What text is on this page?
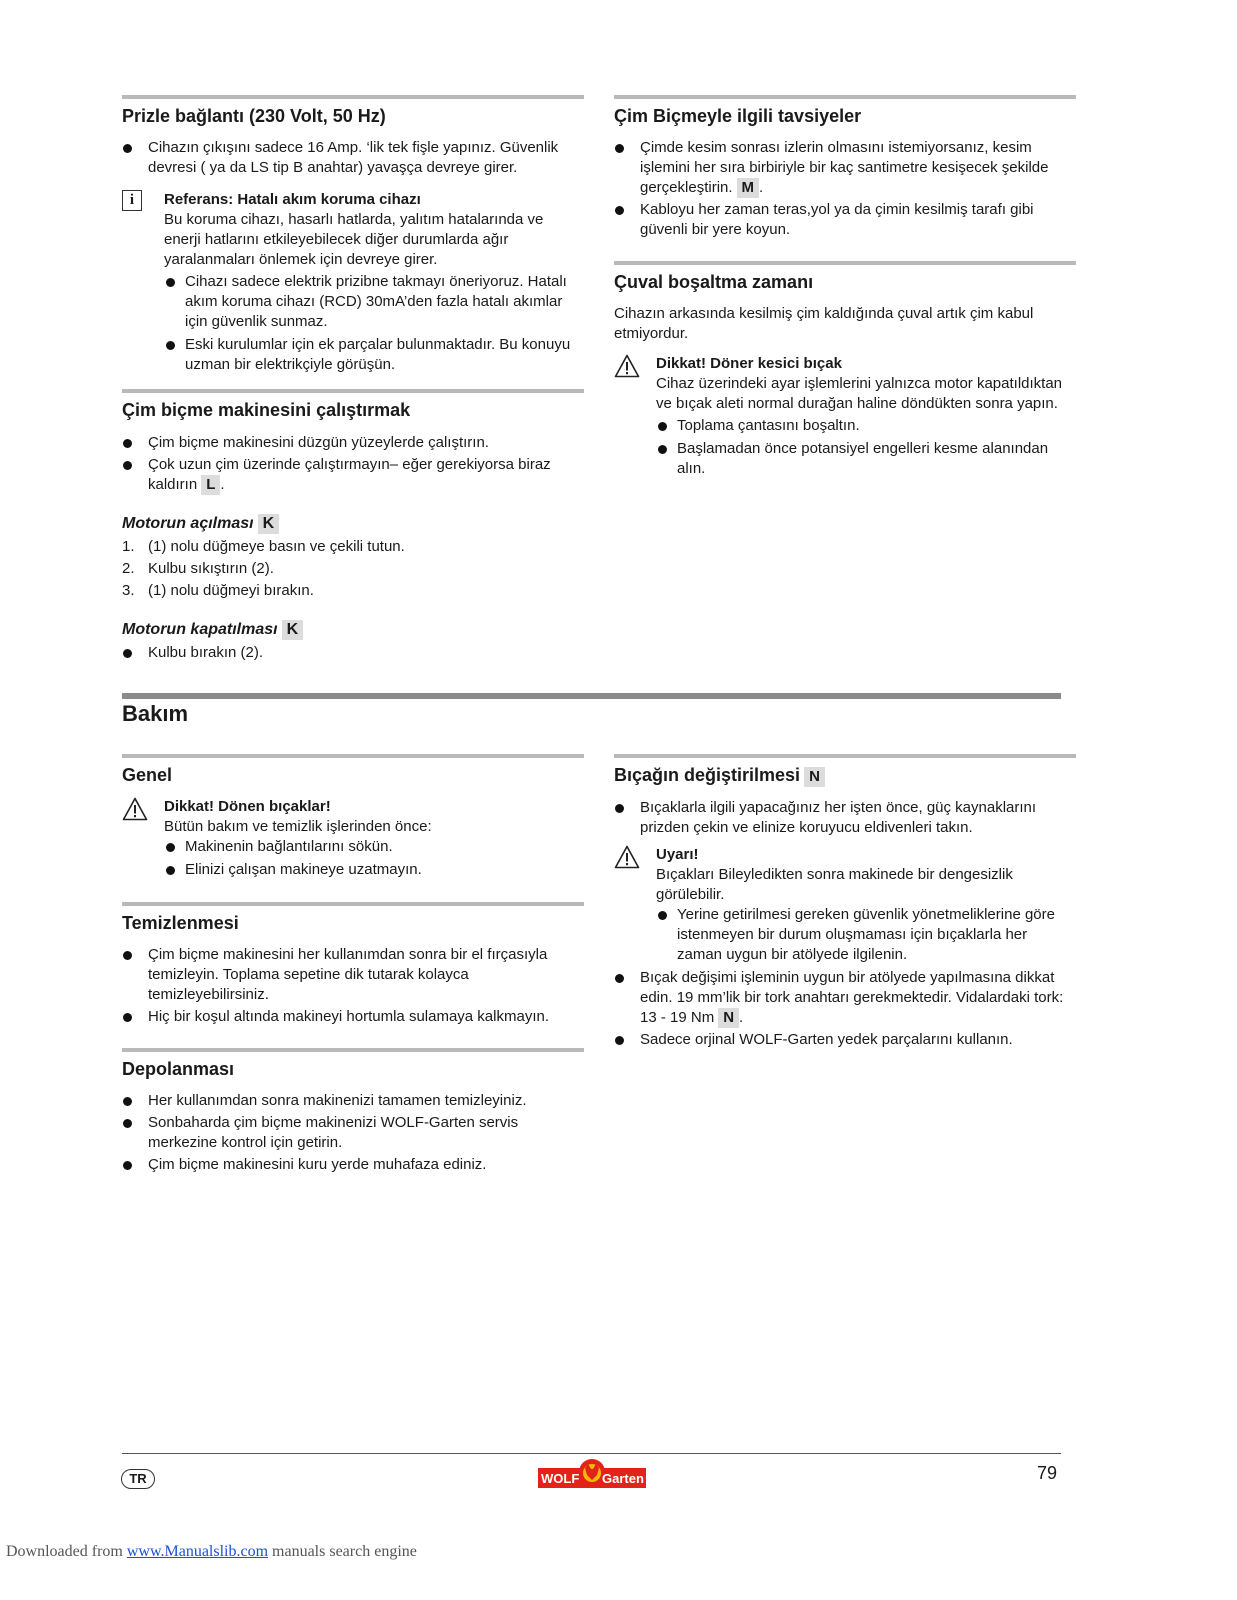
Prizle bağlantı (230 Volt, 50 Hz)
Cihazın çıkışını sadece 16 Amp. ‘lik tek fişle yapınız. Güvenlik devresi ( ya da LS tip B anahtar) yavaşça devreye girer.
i	Referans: Hatalı akım koruma cihazı
Bu koruma cihazı, hasarlı hatlarda, yalıtım hatalarında ve enerji hatlarını etkileyebilecek diğer durumlarda ağır yaralanmaları önlemek için devreye girer.
Cihazı sadece elektrik prizibne takmayı öneriyoruz. Hatalı akım koruma cihazı (RCD) 30mA’den fazla hatalı akımlar için güvenlik sunmaz.
Eski kurulumlar için ek parçalar bulunmaktadır. Bu konuyu uzman bir elektrikçiyle görüşün.
Çim biçme makinesini çalıştırmak
Çim biçme makinesini düzgün yüzeylerde çalıştırın.
Çok uzun çim üzerinde çalıştırmayın– eğer gerekiyorsa biraz kaldırın L .
Motorun açılması K
1. (1) nolu düğmeye basın ve çekili tutun.
2. Kulbu sıkıştırın (2).
3. (1) nolu düğmeyi bırakın.
Motorun kapatılması K
Kulbu bırakın (2).
Çim Biçmeyle ilgili tavsiyeler
Çimde kesim sonrası izlerin olmasını istemiyorsanız, kesim işlemini her sıra birbiriyle bir kaç santimetre kesişecek şekilde gerçekleştirin. M .
Kabloyu her zaman teras,yol ya da çimin kesilmiş tarafı gibi güvenli bir yere koyun.
Çuval boşaltma zamanı

Cihazın arkasında kesilmiş çim kaldığında çuval artık çim kabul etmiyordur.

Dikkat! Döner kesici bıçak
Cihaz üzerindeki ayar işlemlerini yalnızca motor kapatıldıktan ve bıçak aleti normal durağan haline döndükten sonra yapın.
Toplama çantasını boşaltın.
Başlamadan önce potansiyel engelleri kesme alanından alın.
Bakım
Genel
Dikkat! Dönen bıçaklar!
Bütün bakım ve temizlik işlerinden önce:
Makinenin bağlantılarını sökün.
Elinizi çalışan makineye uzatmayın.
Temizlenmesi
Çim biçme makinesini her kullanımdan sonra bir el fırçasıyla temizleyin. Toplama sepetine dik tutarak kolayca temizleyebilirsiniz.
Hiç bir koşul altında makineyi hortumla sulamaya kalkmayın.
Depolanması
Her kullanımdan sonra makinenizi tamamen temizleyiniz.
Sonbaharda çim biçme makinenizi WOLF-Garten servis merkezine kontrol için getirin.
Çim biçme makinesini kuru yerde muhafaza ediniz.
Bıçağın değiştirilmesi N
Bıçaklarla ilgili yapacağınız her işten önce, güç kaynaklarını prizden çekin ve elinize koruyucu eldivenleri takın.
Uyarı!
Bıçakları Bileyledikten sonra makinede bir dengesizlik görülebilir.
Yerine getirilmesi gereken güvenlik yönetmeliklerine göre istenmeyen bir durum oluşmaması için bıçaklarla her zaman uygun bir atölyede ilgilenin.
Bıçak değişimi işleminin uygun bir atölyede yapılmasına dikkat edin. 19 mm’lik bir tork anahtarı gerekmektedir. Vidalardaki tork: 13 - 19 Nm N .
Sadece orjinal WOLF-Garten yedek parçalarını kullanın.
TR	WOLF Garten	79
Downloaded from www.Manualslib.com manuals search engine
